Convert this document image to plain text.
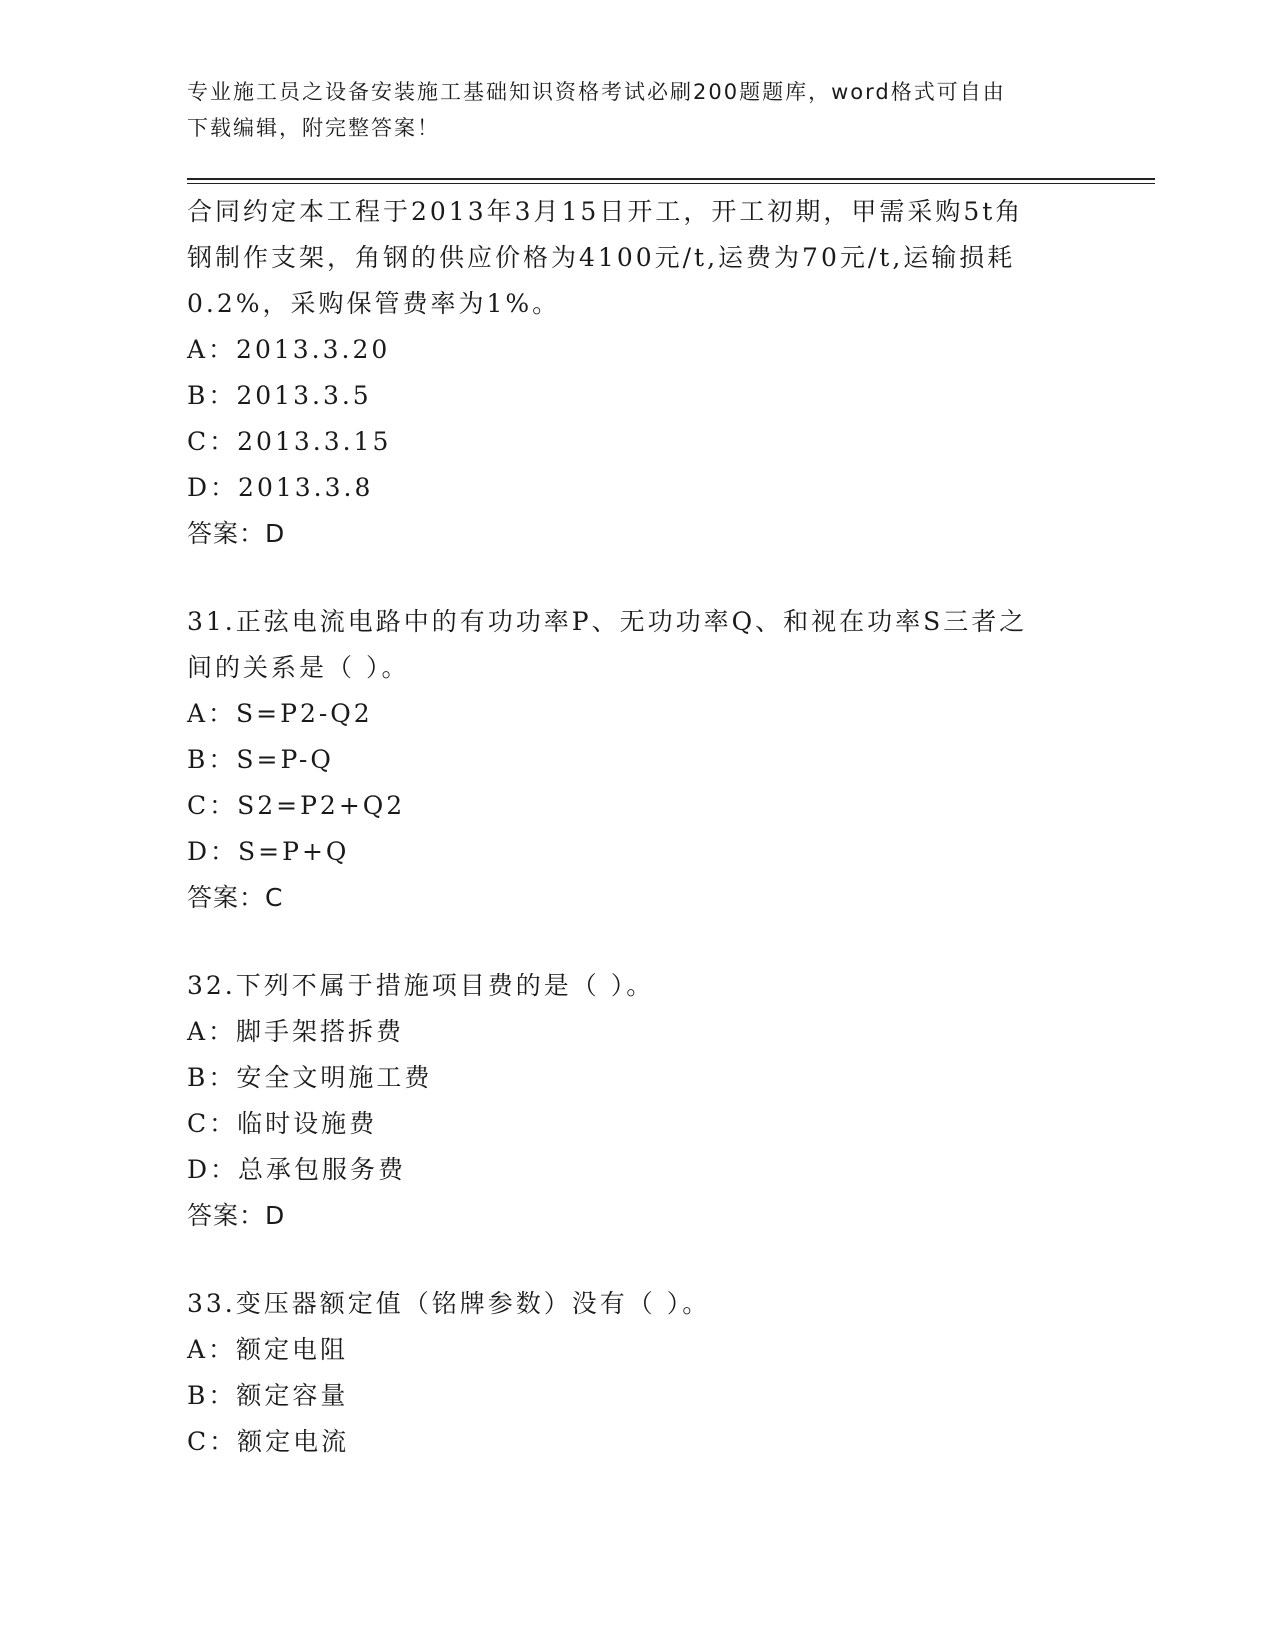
专业施工员之设备安装施工基础知识资格考试必刷200题题库，word格式可自由
下载编辑，附完整答案！
合同约定本工程于2013年3月15日开工，开工初期，甲需采购5t角
钢制作支架，角钢的供应价格为4100元/t,运费为70元/t,运输损耗
0.2%，采购保管费率为1%。
A：2013.3.20
B：2013.3.5
C：2013.3.15
D：2013.3.8
答案：D
31.正弦电流电路中的有功功率P、无功功率Q、和视在功率S三者之
间的关系是（ ）。
A：S=P2-Q2
B：S=P-Q
C：S2=P2+Q2
D：S=P+Q
答案：C
32.下列不属于措施项目费的是（ ）。
A：脚手架搭拆费
B：安全文明施工费
C：临时设施费
D：总承包服务费
答案：D
33.变压器额定值（铭牌参数）没有（ ）。
A：额定电阻
B：额定容量
C：额定电流
